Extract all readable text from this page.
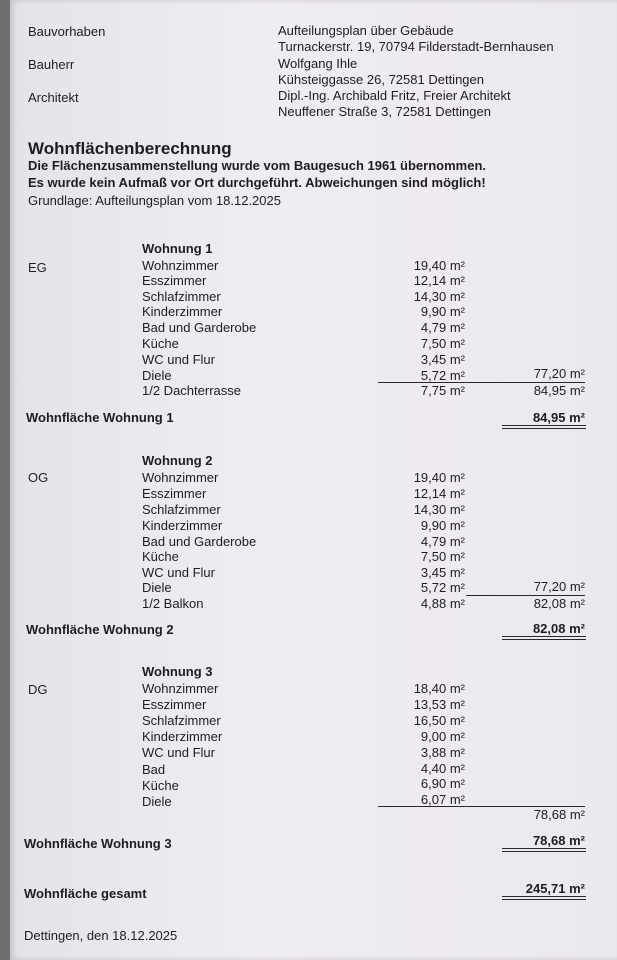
Bauvorhaben	Aufteilungsplan über Gebäude
Turnackerstr. 19, 70794 Filderstadt-Bernhausen
Bauherr	Wolfgang Ihle
Kühsteiggasse 26, 72581 Dettingen
Architekt	Dipl.-Ing. Archibald Fritz, Freier Architekt
Neuffener Straße 3, 72581 Dettingen
Wohnflächenberechnung
Die Flächenzusammenstellung wurde vom Baugesuch 1961 übernommen.
Es wurde kein Aufmaß vor Ort durchgeführt. Abweichungen sind möglich!
Grundlage: Aufteilungsplan vom 18.12.2025
Wohnung 1
EG	Wohnzimmer	19,40 m²
Esszimmer	12,14 m²
Schlafzimmer	14,30 m²
Kinderzimmer	9,90 m²
Bad und Garderobe	4,79 m²
Küche	7,50 m²
WC und Flur	3,45 m²
Diele	5,72 m²
1/2 Dachterrasse	7,75 m²
77,20 m²
84,95 m²
Wohnfläche Wohnung 1	84,95 m²
Wohnung 2
OG	Wohnzimmer	19,40 m²
Esszimmer	12,14 m²
Schlafzimmer	14,30 m²
Kinderzimmer	9,90 m²
Bad und Garderobe	4,79 m²
Küche	7,50 m²
WC und Flur	3,45 m²
Diele	5,72 m²
1/2 Balkon	4,88 m²
77,20 m²
82,08 m²
Wohnfläche Wohnung 2	82,08 m²
Wohnung 3
DG	Wohnzimmer	18,40 m²
Esszimmer	13,53 m²
Schlafzimmer	16,50 m²
Kinderzimmer	9,00 m²
WC und Flur	3,88 m²
Bad	4,40 m²
Küche	6,90 m²
Diele	6,07 m²
78,68 m²
Wohnfläche Wohnung 3	78,68 m²
Wohnfläche gesamt	245,71 m²
Dettingen, den 18.12.2025
